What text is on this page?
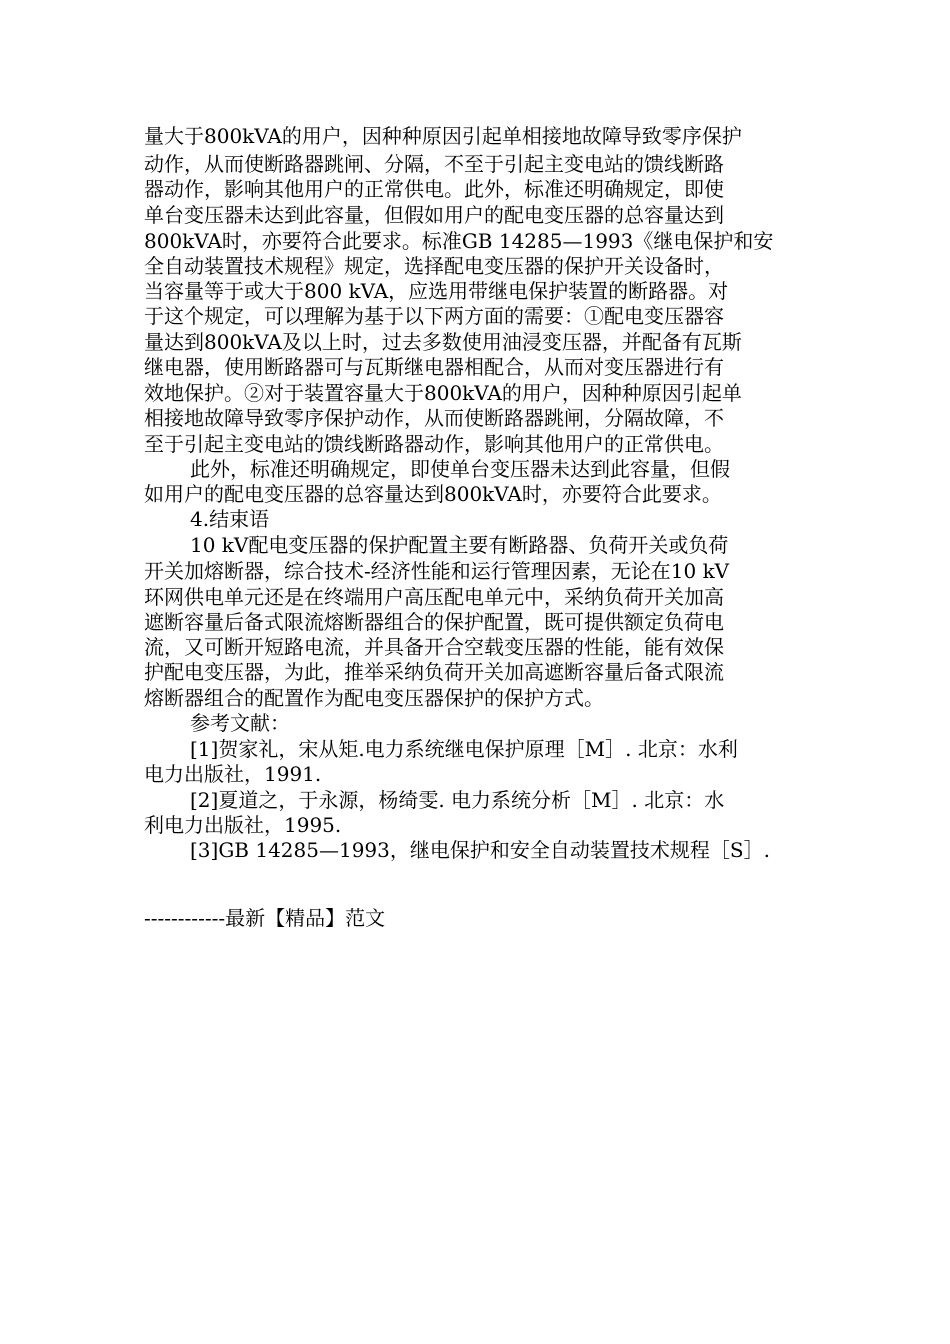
量大于800kVA的用户，因种种原因引起单相接地故障导致零序保护
动作，从而使断路器跳闸、分隔，不至于引起主变电站的馈线断路
器动作，影响其他用户的正常供电。此外，标准还明确规定，即使
单台变压器未达到此容量，但假如用户的配电变压器的总容量达到
800kVA时，亦要符合此要求。标准GB 14285—1993《继电保护和安
全自动装置技术规程》规定，选择配电变压器的保护开关设备时，
当容量等于或大于800 kVA，应选用带继电保护装置的断路器。对
于这个规定，可以理解为基于以下两方面的需要：①配电变压器容
量达到800kVA及以上时，过去多数使用油浸变压器，并配备有瓦斯
继电器，使用断路器可与瓦斯继电器相配合，从而对变压器进行有
效地保护。②对于装置容量大于800kVA的用户，因种种原因引起单
相接地故障导致零序保护动作，从而使断路器跳闸，分隔故障，不
至于引起主变电站的馈线断路器动作，影响其他用户的正常供电。
此外，标准还明确规定，即使单台变压器未达到此容量，但假
如用户的配电变压器的总容量达到800kVA时，亦要符合此要求。
4.结束语
10 kV配电变压器的保护配置主要有断路器、负荷开关或负荷
开关加熔断器，综合技术-经济性能和运行管理因素，无论在10 kV
环网供电单元还是在终端用户高压配电单元中，采纳负荷开关加高
遮断容量后备式限流熔断器组合的保护配置，既可提供额定负荷电
流，又可断开短路电流，并具备开合空载变压器的性能，能有效保
护配电变压器，为此，推举采纳负荷开关加高遮断容量后备式限流
熔断器组合的配置作为配电变压器保护的保护方式。
参考文献：
[1]贺家礼，宋从矩.电力系统继电保护原理［M］. 北京：水利
电力出版社，1991.
[2]夏道之，于永源，杨绮雯. 电力系统分析［M］. 北京：水
利电力出版社，1995.
[3]GB 14285—1993，继电保护和安全自动装置技术规程［S］.
------------最新【精品】范文
